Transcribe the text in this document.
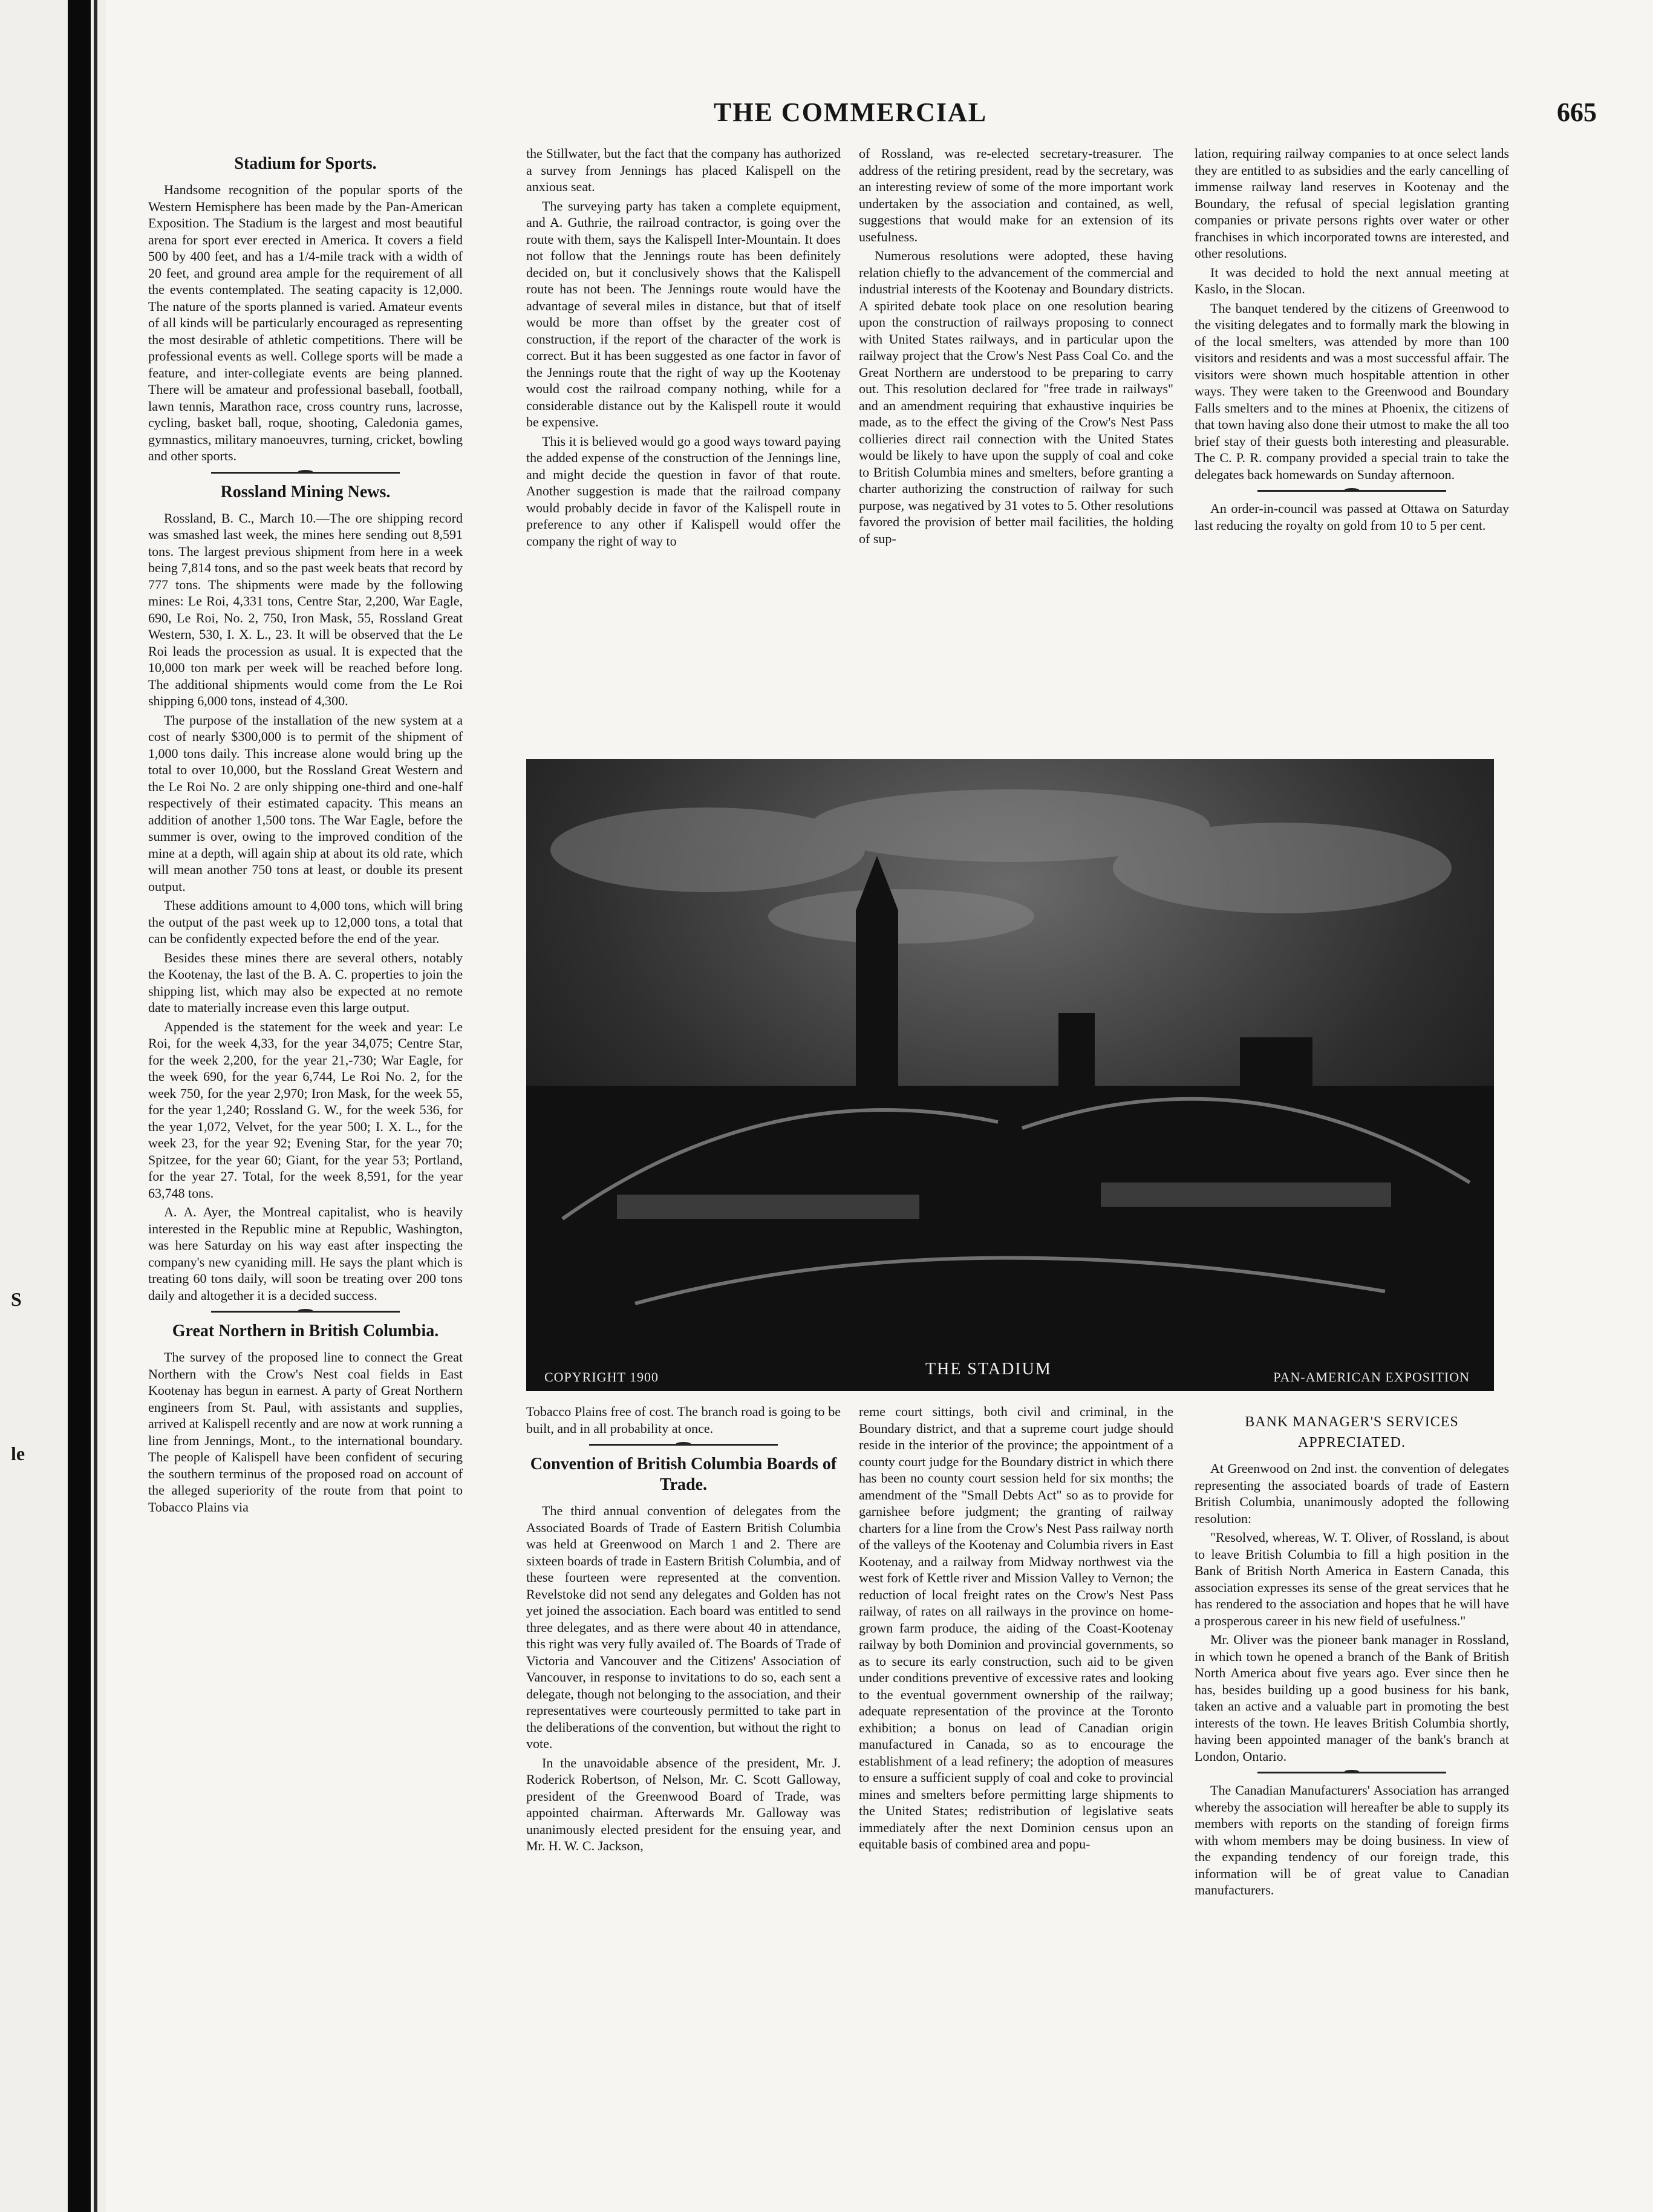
S
le
THE COMMERCIAL	665
Stadium for Sports.

Handsome recognition of the popular sports of the Western Hemisphere has been made by the Pan-American Exposition. The Stadium is the largest and most beautiful arena for sport ever erected in America. It covers a field 500 by 400 feet, and has a 1/4-mile track with a width of 20 feet, and ground area ample for the requirement of all the events contemplated. The seating capacity is 12,000. The nature of the sports planned is varied. Amateur events of all kinds will be particularly encouraged as representing the most desirable of athletic competitions. There will be professional events as well. College sports will be made a feature, and inter-collegiate events are being planned. There will be amateur and professional baseball, football, lawn tennis, Marathon race, cross country runs, lacrosse, cycling, basket ball, roque, shooting, Caledonia games, gymnastics, military manoeuvres, turning, cricket, bowling and other sports.

Rossland Mining News.

Rossland, B. C., March 10.—The ore shipping record was smashed last week, the mines here sending out 8,591 tons. The largest previous shipment from here in a week being 7,814 tons, and so the past week beats that record by 777 tons. The shipments were made by the following mines: Le Roi, 4,331 tons, Centre Star, 2,200, War Eagle, 690, Le Roi, No. 2, 750, Iron Mask, 55, Rossland Great Western, 530, I. X. L., 23. It will be observed that the Le Roi leads the procession as usual. It is expected that the 10,000 ton mark per week will be reached before long. The additional shipments would come from the Le Roi shipping 6,000 tons, instead of 4,300.

The purpose of the installation of the new system at a cost of nearly $300,000 is to permit of the shipment of 1,000 tons daily. This increase alone would bring up the total to over 10,000, but the Rossland Great Western and the Le Roi No. 2 are only shipping one-third and one-half respectively of their estimated capacity. This means an addition of another 1,500 tons. The War Eagle, before the summer is over, owing to the improved condition of the mine at a depth, will again ship at about its old rate, which will mean another 750 tons at least, or double its present output.

These additions amount to 4,000 tons, which will bring the output of the past week up to 12,000 tons, a total that can be confidently expected before the end of the year.

Besides these mines there are several others, notably the Kootenay, the last of the B. A. C. properties to join the shipping list, which may also be expected at no remote date to materially increase even this large output.

Appended is the statement for the week and year: Le Roi, for the week 4,33, for the year 34,075; Centre Star, for the week 2,200, for the year 21,-730; War Eagle, for the week 690, for the year 6,744, Le Roi No. 2, for the week 750, for the year 2,970; Iron Mask, for the week 55, for the year 1,240; Rossland G. W., for the week 536, for the year 1,072, Velvet, for the year 500; I. X. L., for the week 23, for the year 92; Evening Star, for the year 70; Spitzee, for the year 60; Giant, for the year 53; Portland, for the year 27. Total, for the week 8,591, for the year 63,748 tons.

A. A. Ayer, the Montreal capitalist, who is heavily interested in the Republic mine at Republic, Washington, was here Saturday on his way east after inspecting the company's new cyaniding mill. He says the plant which is treating 60 tons daily, will soon be treating over 200 tons daily and altogether it is a decided success.

Great Northern in British Columbia.

The survey of the proposed line to connect the Great Northern with the Crow's Nest coal fields in East Kootenay has begun in earnest. A party of Great Northern engineers from St. Paul, with assistants and supplies, arrived at Kalispell recently and are now at work running a line from Jennings, Mont., to the international boundary. The people of Kalispell have been confident of securing the southern terminus of the proposed road on account of the alleged superiority of the route from that point to Tobacco Plains via

the Stillwater, but the fact that the company has authorized a survey from Jennings has placed Kalispell on the anxious seat.

The surveying party has taken a complete equipment, and A. Guthrie, the railroad contractor, is going over the route with them, says the Kalispell Inter-Mountain. It does not follow that the Jennings route has been definitely decided on, but it conclusively shows that the Kalispell route has not been. The Jennings route would have the advantage of several miles in distance, but that of itself would be more than offset by the greater cost of construction, if the report of the character of the work is correct. But it has been suggested as one factor in favor of the Jennings route that the right of way up the Kootenay would cost the railroad company nothing, while for a considerable distance out by the Kalispell route it would be expensive.

This it is believed would go a good ways toward paying the added expense of the construction of the Jennings line, and might decide the question in favor of that route. Another suggestion is made that the railroad company would probably decide in favor of the Kalispell route in preference to any other if Kalispell would offer the company the right of way to

of Rossland, was re-elected secretary-treasurer. The address of the retiring president, read by the secretary, was an interesting review of some of the more important work undertaken by the association and contained, as well, suggestions that would make for an extension of its usefulness.

Numerous resolutions were adopted, these having relation chiefly to the advancement of the commercial and industrial interests of the Kootenay and Boundary districts. A spirited debate took place on one resolution bearing upon the construction of railways proposing to connect with United States railways, and in particular upon the railway project that the Crow's Nest Pass Coal Co. and the Great Northern are understood to be preparing to carry out. This resolution declared for "free trade in railways" and an amendment requiring that exhaustive inquiries be made, as to the effect the giving of the Crow's Nest Pass collieries direct rail connection with the United States would be likely to have upon the supply of coal and coke to British Columbia mines and smelters, before granting a charter authorizing the construction of railway for such purpose, was negatived by 31 votes to 5. Other resolutions favored the provision of better mail facilities, the holding of sup-

lation, requiring railway companies to at once select lands they are entitled to as subsidies and the early cancelling of immense railway land reserves in Kootenay and the Boundary, the refusal of special legislation granting companies or private persons rights over water or other franchises in which incorporated towns are interested, and other resolutions.

It was decided to hold the next annual meeting at Kaslo, in the Slocan.

The banquet tendered by the citizens of Greenwood to the visiting delegates and to formally mark the blowing in of the local smelters, was attended by more than 100 visitors and residents and was a most successful affair. The visitors were shown much hospitable attention in other ways. They were taken to the Greenwood and Boundary Falls smelters and to the mines at Phoenix, the citizens of that town having also done their utmost to make the all too brief stay of their guests both interesting and pleasurable. The C. P. R. company provided a special train to take the delegates back homewards on Sunday afternoon.

An order-in-council was passed at Ottawa on Saturday last reducing the royalty on gold from 10 to 5 per cent.

COPYRIGHT 1900	THE STADIUM	PAN-AMERICAN EXPOSITION

Tobacco Plains free of cost. The branch road is going to be built, and in all probability at once.

Convention of British Columbia Boards of Trade.

The third annual convention of delegates from the Associated Boards of Trade of Eastern British Columbia was held at Greenwood on March 1 and 2. There are sixteen boards of trade in Eastern British Columbia, and of these fourteen were represented at the convention. Revelstoke did not send any delegates and Golden has not yet joined the association. Each board was entitled to send three delegates, and as there were about 40 in attendance, this right was very fully availed of. The Boards of Trade of Victoria and Vancouver and the Citizens' Association of Vancouver, in response to invitations to do so, each sent a delegate, though not belonging to the association, and their representatives were courteously permitted to take part in the deliberations of the convention, but without the right to vote.

In the unavoidable absence of the president, Mr. J. Roderick Robertson, of Nelson, Mr. C. Scott Galloway, president of the Greenwood Board of Trade, was appointed chairman. Afterwards Mr. Galloway was unanimously elected president for the ensuing year, and Mr. H. W. C. Jackson,

reme court sittings, both civil and criminal, in the Boundary district, and that a supreme court judge should reside in the interior of the province; the appointment of a county court judge for the Boundary district in which there has been no county court session held for six months; the amendment of the "Small Debts Act" so as to provide for garnishee before judgment; the granting of railway charters for a line from the Crow's Nest Pass railway north of the valleys of the Kootenay and Columbia rivers in East Kootenay, and a railway from Midway northwest via the west fork of Kettle river and Mission Valley to Vernon; the reduction of local freight rates on the Crow's Nest Pass railway, of rates on all railways in the province on home-grown farm produce, the aiding of the Coast-Kootenay railway by both Dominion and provincial governments, so as to secure its early construction, such aid to be given under conditions preventive of excessive rates and looking to the eventual government ownership of the railway; adequate representation of the province at the Toronto exhibition; a bonus on lead of Canadian origin manufactured in Canada, so as to encourage the establishment of a lead refinery; the adoption of measures to ensure a sufficient supply of coal and coke to provincial mines and smelters before permitting large shipments to the United States; redistribution of legislative seats immediately after the next Dominion census upon an equitable basis of combined area and popu-

BANK MANAGER'S SERVICES APPRECIATED.

At Greenwood on 2nd inst. the convention of delegates representing the associated boards of trade of Eastern British Columbia, unanimously adopted the following resolution:

"Resolved, whereas, W. T. Oliver, of Rossland, is about to leave British Columbia to fill a high position in the Bank of British North America in Eastern Canada, this association expresses its sense of the great services that he has rendered to the association and hopes that he will have a prosperous career in his new field of usefulness."

Mr. Oliver was the pioneer bank manager in Rossland, in which town he opened a branch of the Bank of British North America about five years ago. Ever since then he has, besides building up a good business for his bank, taken an active and a valuable part in promoting the best interests of the town. He leaves British Columbia shortly, having been appointed manager of the bank's branch at London, Ontario.

The Canadian Manufacturers' Association has arranged whereby the association will hereafter be able to supply its members with reports on the standing of foreign firms with whom members may be doing business. In view of the expanding tendency of our foreign trade, this information will be of great value to Canadian manufacturers.
